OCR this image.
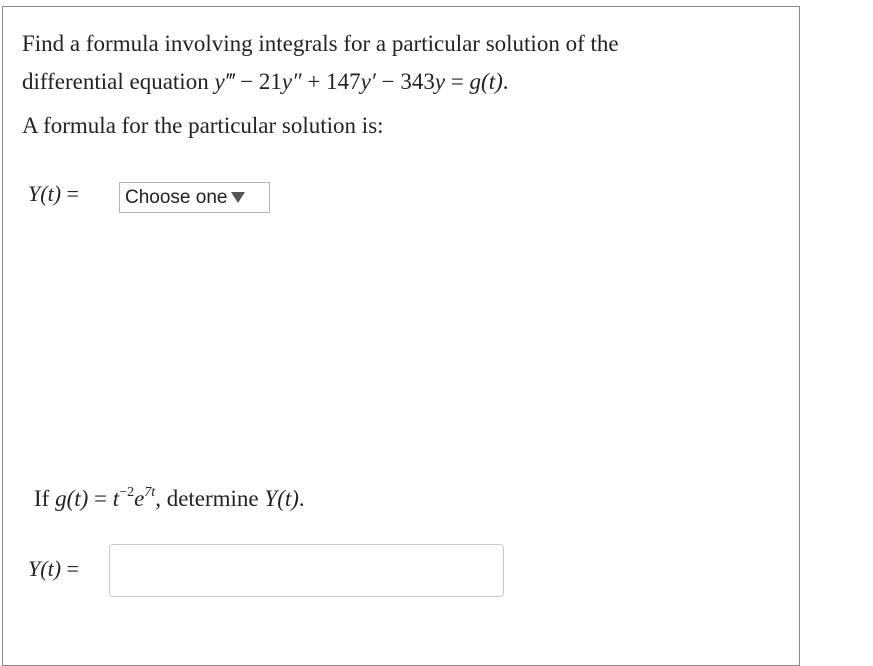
Find a formula involving integrals for a particular solution of the
differential equation y‴ − 21y″ + 147y′ − 343y = g(t).
A formula for the particular solution is:
Y(t) = Choose one
If $g(t) = t^{-2}e^{7t}$, determine Y(t).
Y(t) =
